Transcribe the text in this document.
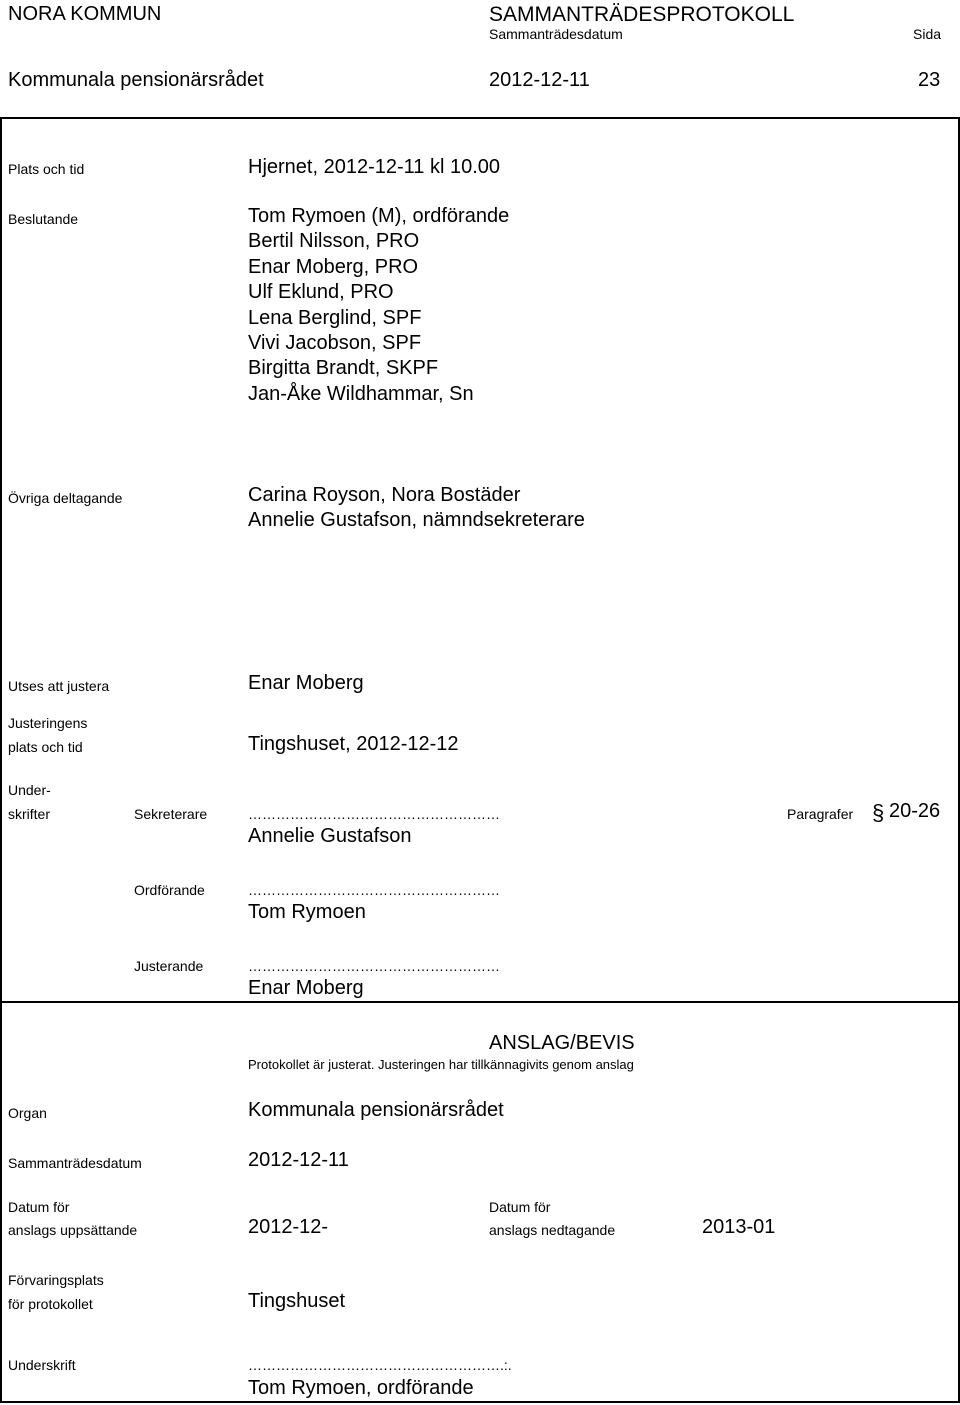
NORA KOMMUN	SAMMANTRÄDESPROTOKOLL
Sammanträdesdatum	Sida
Kommunala pensionärsrådet	2012-12-11	23
Plats och tid	Hjernet, 2012-12-11 kl 10.00
Beslutande	Tom Rymoen (M), ordförande
Bertil Nilsson, PRO
Enar Moberg, PRO
Ulf Eklund, PRO
Lena Berglind, SPF
Vivi Jacobson, SPF
Birgitta Brandt, SKPF
Jan-Åke Wildhammar, Sn
Övriga deltagande	Carina Royson, Nora Bostäder
Annelie Gustafson, nämndsekreterare
Utses att justera	Enar Moberg
Justeringens
plats och tid	Tingshuset, 2012-12-12
Under-
skrifter	Sekreterare	………………………………………………
Annelie Gustafson
Paragrafer § 20-26
Ordförande	………………………………………………
Tom Rymoen
Justerande	………………………………………………
Enar Moberg
ANSLAG/BEVIS
Protokollet är justerat. Justeringen har tillkännagivits genom anslag
Organ	Kommunala pensionärsrådet
Sammanträdesdatum	2012-12-11
Datum för
anslags uppsättande	2012-12-
Datum för
anslags nedtagande	2013-01
Förvaringsplats
för protokollet	Tingshuset
Underskrift	……………………………………………….:.
Tom Rymoen, ordförande
